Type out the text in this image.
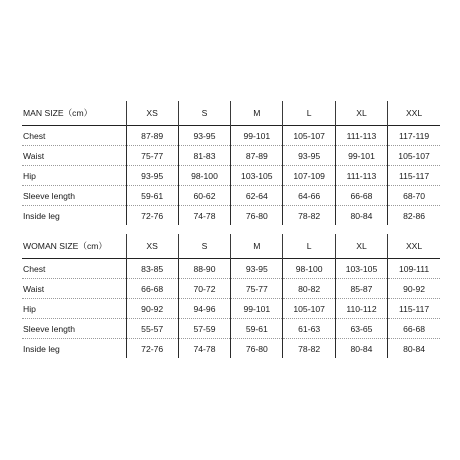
MAN SIZE（cm）	XS	S	M	L	XL	XXL
Chest	87-89	93-95	99-101	105-107	111-113	117-119
Waist	75-77	81-83	87-89	93-95	99-101	105-107
Hip	93-95	98-100	103-105	107-109	111-113	115-117
Sleeve length	59-61	60-62	62-64	64-66	66-68	68-70
Inside leg	72-76	74-78	76-80	78-82	80-84	82-86
WOMAN SIZE（cm）	XS	S	M	L	XL	XXL
Chest	83-85	88-90	93-95	98-100	103-105	109-111
Waist	66-68	70-72	75-77	80-82	85-87	90-92
Hip	90-92	94-96	99-101	105-107	110-112	115-117
Sleeve length	55-57	57-59	59-61	61-63	63-65	66-68
Inside leg	72-76	74-78	76-80	78-82	80-84	80-84
